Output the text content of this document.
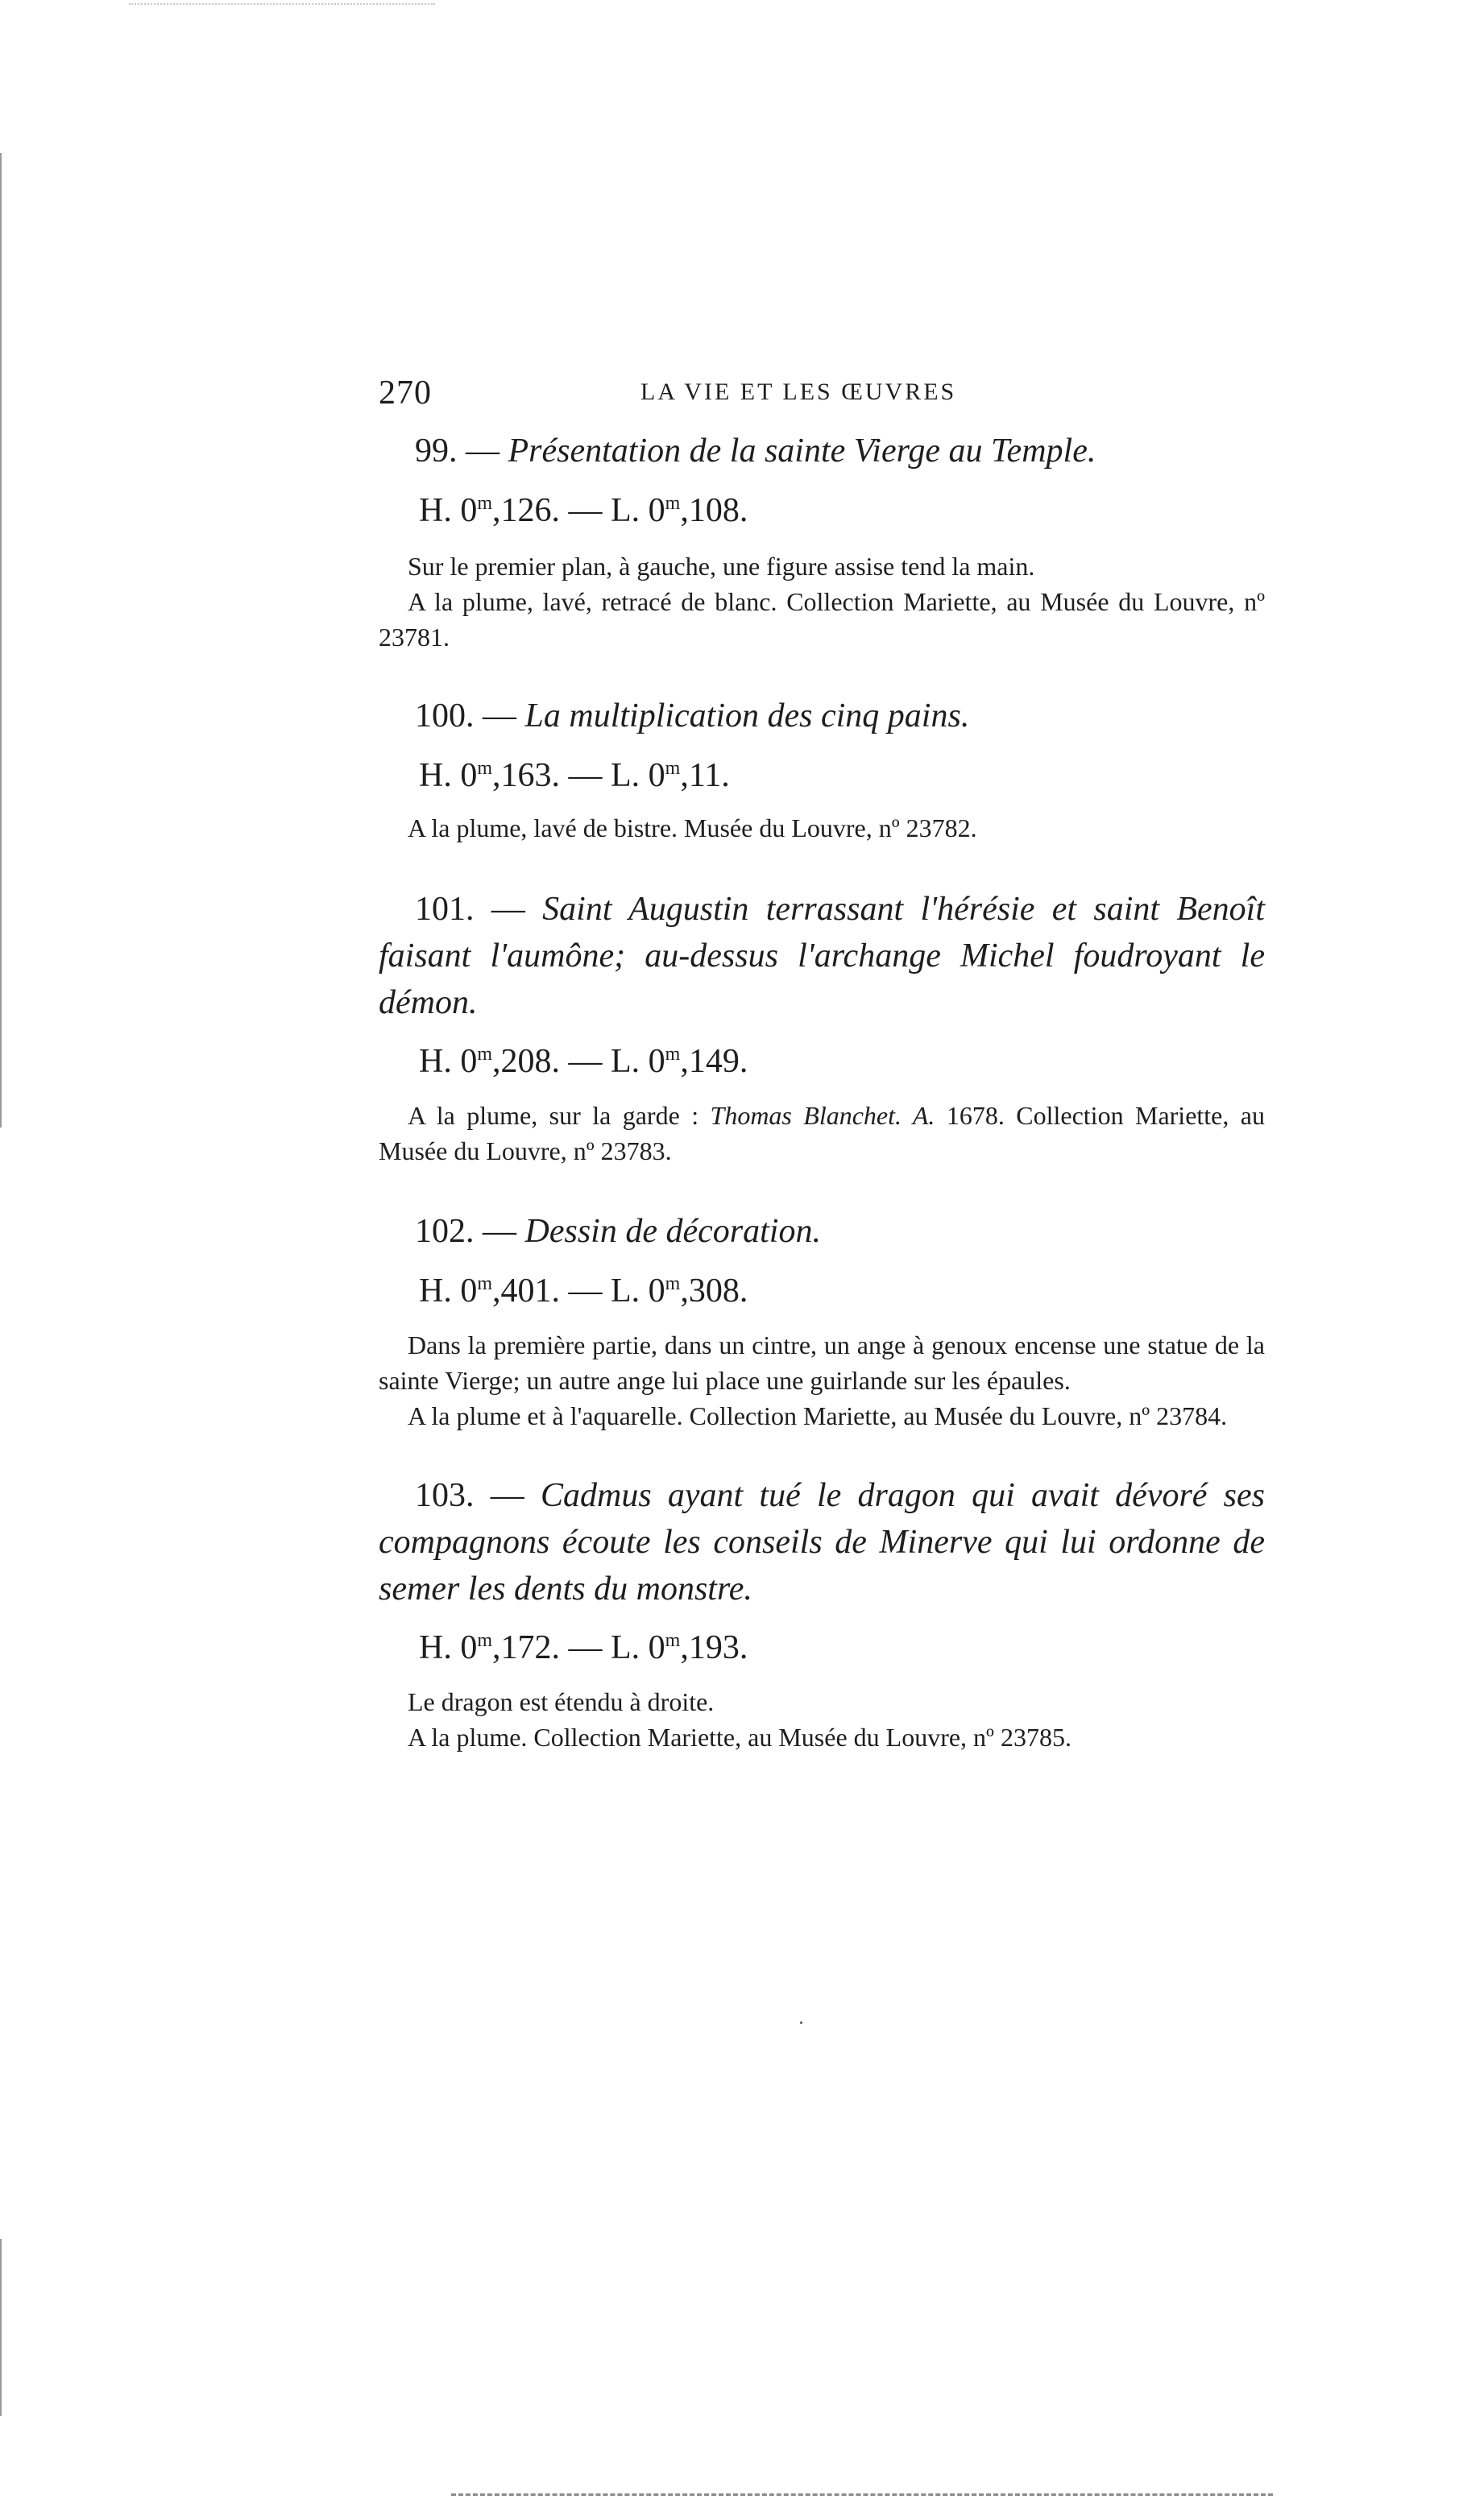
270	LA VIE ET LES ŒUVRES
99. — Présentation de la sainte Vierge au Temple.
H. 0$^m$,126. — L. 0$^m$,108.

Sur le premier plan, à gauche, une figure assise tend la main.

A la plume, lavé, retracé de blanc. Collection Mariette, au Musée du Louvre, nº 23781.

100. — La multiplication des cinq pains.
H. 0$^m$,163. — L. 0$^m$,11.

A la plume, lavé de bistre. Musée du Louvre, nº 23782.

101. — Saint Augustin terrassant l'hérésie et saint Benoît faisant l'aumône; au-dessus l'archange Michel foudroyant le démon.

H. 0$^m$,208. — L. 0$^m$,149.

A la plume, sur la garde : Thomas Blanchet. A. 1678. Collection Mariette, au Musée du Louvre, nº 23783.

102. — Dessin de décoration.
H. 0$^m$,401. — L. 0$^m$,308.

Dans la première partie, dans un cintre, un ange à genoux encense une statue de la sainte Vierge; un autre ange lui place une guirlande sur les épaules.

A la plume et à l'aquarelle. Collection Mariette, au Musée du Louvre, nº 23784.

103. — Cadmus ayant tué le dragon qui avait dévoré ses compagnons écoute les conseils de Minerve qui lui ordonne de semer les dents du monstre.

H. 0$^m$,172. — L. 0$^m$,193.

Le dragon est étendu à droite.

A la plume. Collection Mariette, au Musée du Louvre, nº 23785.
